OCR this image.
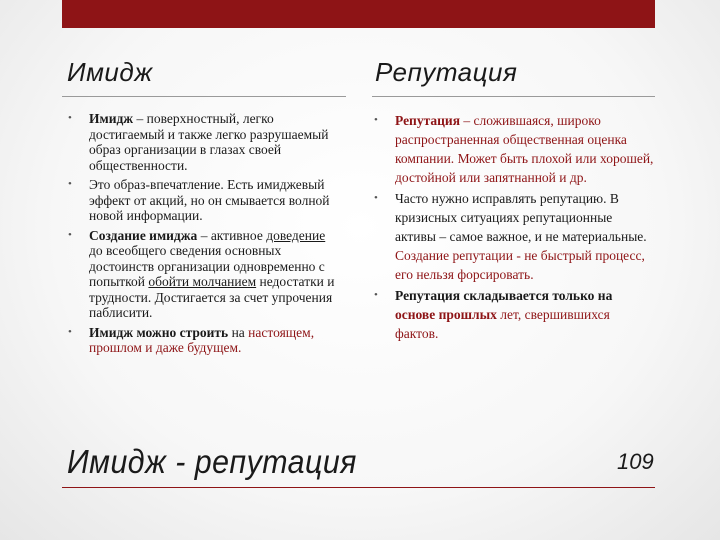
Имидж	Репутация
• Имидж – поверхностный, легко достигаемый и также легко разрушаемый образ организации в глазах своей общественности.
• Это образ-впечатление. Есть имиджевый эффект от акций, но он смывается волной новой информации.
• Создание имиджа – активное доведение до всеобщего сведения основных достоинств организации одновременно с попыткой обойти молчанием недостатки и трудности. Достигается за счет упрочения паблисити.
• Имидж можно строить на настоящем, прошлом и даже будущем.
• Репутация – сложившаяся, широко распространенная общественная оценка компании. Может быть плохой или хорошей, достойной или запятнанной и др.
• Часто нужно исправлять репутацию. В кризисных ситуациях репутационные активы – самое важное, и не материальные. Создание репутации - не быстрый процесс, его нельзя форсировать.
• Репутация складывается только на основе прошлых лет, свершившихся фактов.
Имидж - репутация	109
